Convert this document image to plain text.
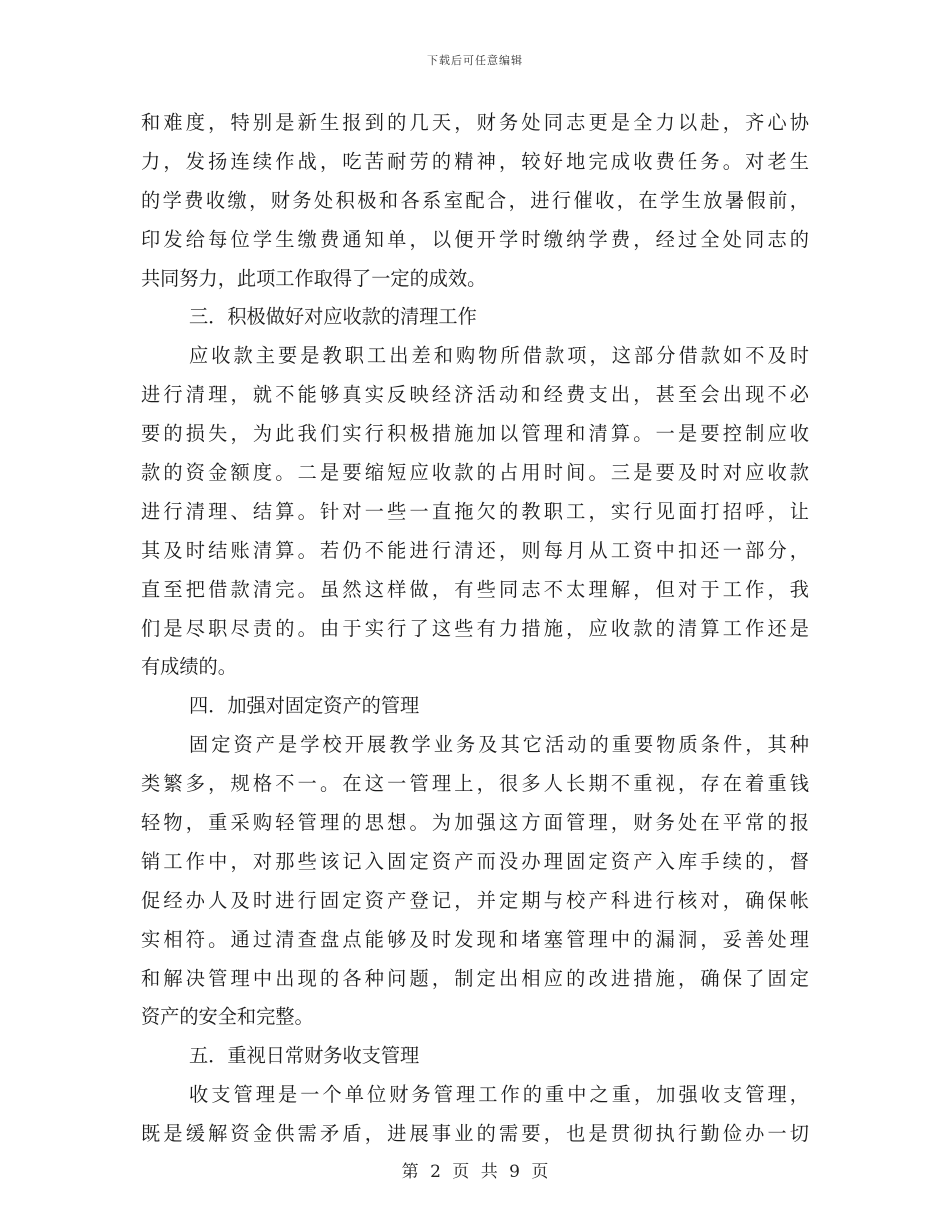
下载后可任意编辑
和难度，特别是新生报到的几天，财务处同志更是全力以赴，齐心协
力，发扬连续作战，吃苦耐劳的精神，较好地完成收费任务。对老生
的学费收缴，财务处积极和各系室配合，进行催收，在学生放暑假前，
印发给每位学生缴费通知单，以便开学时缴纳学费，经过全处同志的
共同努力，此项工作取得了一定的成效。
三．积极做好对应收款的清理工作
应收款主要是教职工出差和购物所借款项，这部分借款如不及时
进行清理，就不能够真实反映经济活动和经费支出，甚至会出现不必
要的损失，为此我们实行积极措施加以管理和清算。一是要控制应收
款的资金额度。二是要缩短应收款的占用时间。三是要及时对应收款
进行清理、结算。针对一些一直拖欠的教职工，实行见面打招呼，让
其及时结账清算。若仍不能进行清还，则每月从工资中扣还一部分，
直至把借款清完。虽然这样做，有些同志不太理解，但对于工作，我
们是尽职尽责的。由于实行了这些有力措施，应收款的清算工作还是
有成绩的。
四．加强对固定资产的管理
固定资产是学校开展教学业务及其它活动的重要物质条件，其种
类繁多，规格不一。在这一管理上，很多人长期不重视，存在着重钱
轻物，重采购轻管理的思想。为加强这方面管理，财务处在平常的报
销工作中，对那些该记入固定资产而没办理固定资产入库手续的，督
促经办人及时进行固定资产登记，并定期与校产科进行核对，确保帐
实相符。通过清查盘点能够及时发现和堵塞管理中的漏洞，妥善处理
和解决管理中出现的各种问题，制定出相应的改进措施，确保了固定
资产的安全和完整。
五．重视日常财务收支管理
收支管理是一个单位财务管理工作的重中之重，加强收支管理，
既是缓解资金供需矛盾，进展事业的需要，也是贯彻执行勤俭办一切
第 2 页 共 9 页
